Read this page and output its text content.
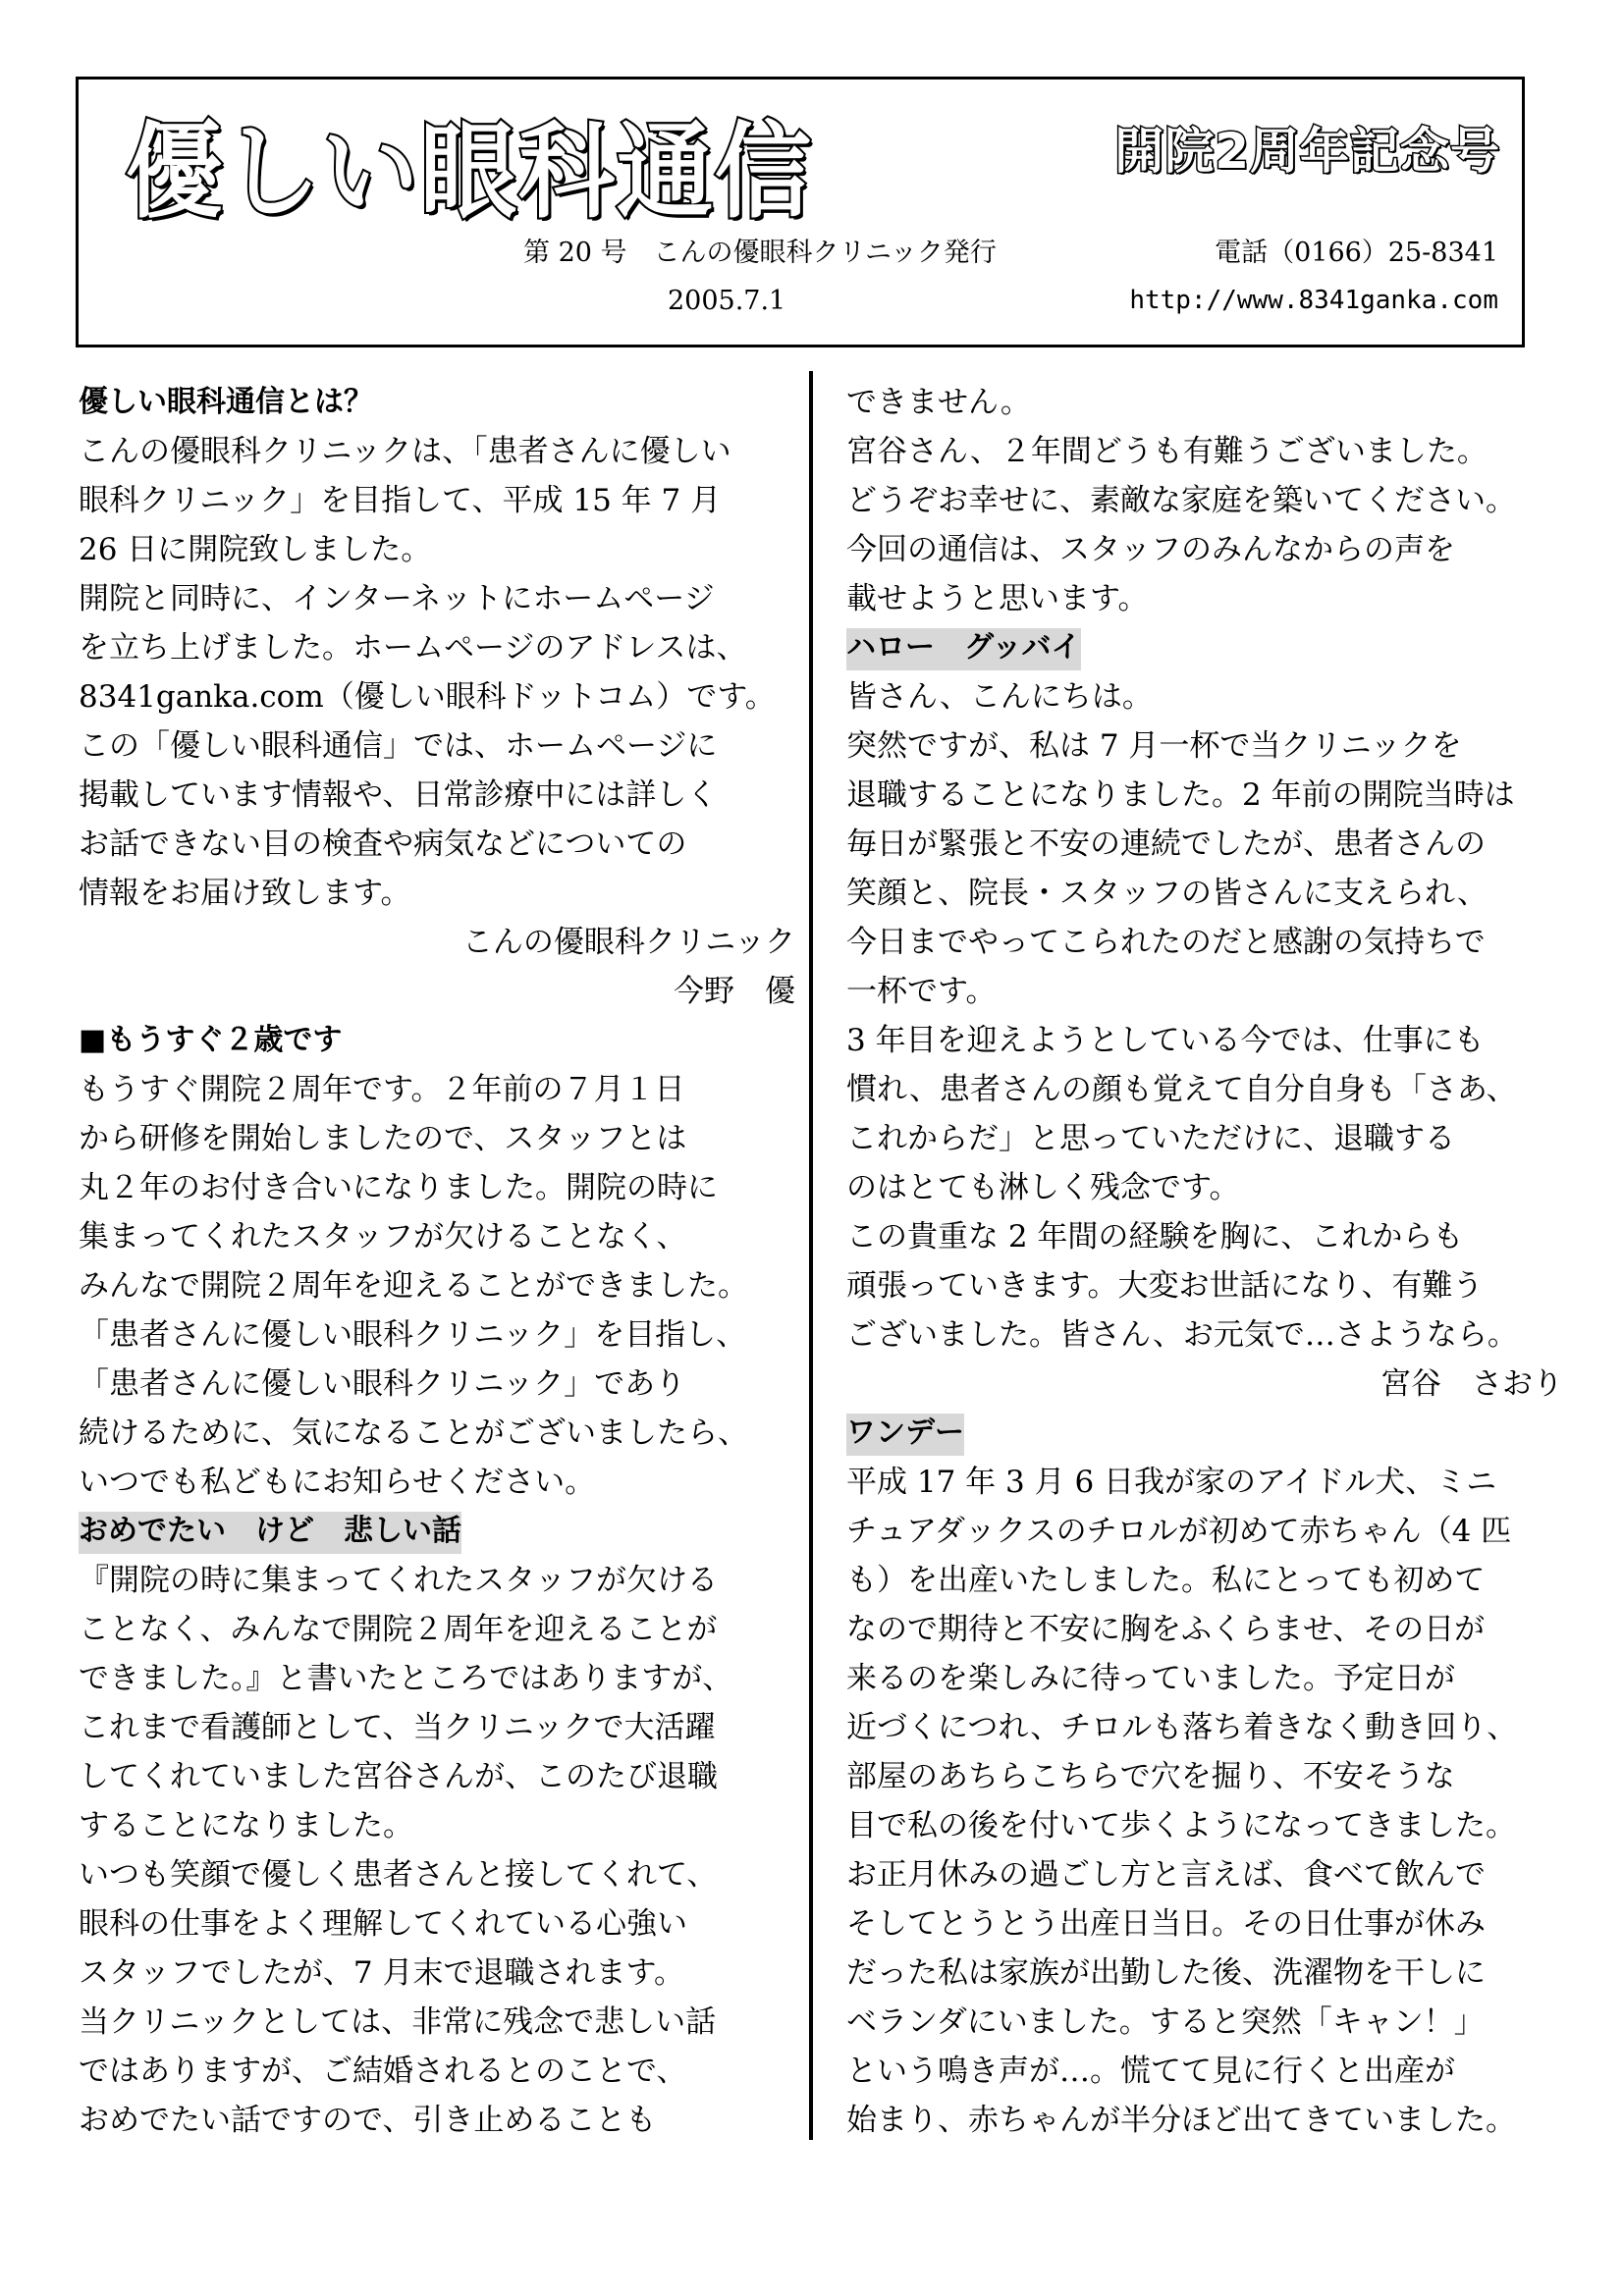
優しい眼科通信	開院2周年記念号
第 20 号　こんの優眼科クリニック発行	電話（0166）25-8341
2005.7.1	http://www.8341ganka.com
優しい眼科通信とは？
こんの優眼科クリニックは、「患者さんに優しい
眼科クリニック」を目指して、平成 15 年 7 月
26 日に開院致しました。
開院と同時に、インターネットにホームページ
を立ち上げました。ホームページのアドレスは、
8341ganka.com（優しい眼科ドットコム）です。
この「優しい眼科通信」では、ホームページに
掲載しています情報や、日常診療中には詳しく
お話できない目の検査や病気などについての
情報をお届け致します。
こんの優眼科クリニック
今野　優
■もうすぐ２歳です
もうすぐ開院２周年です。２年前の７月１日
から研修を開始しましたので、スタッフとは
丸２年のお付き合いになりました。開院の時に
集まってくれたスタッフが欠けることなく、
みんなで開院２周年を迎えることができました。
「患者さんに優しい眼科クリニック」を目指し、
「患者さんに優しい眼科クリニック」であり
続けるために、気になることがございましたら、
いつでも私どもにお知らせください。
おめでたい　けど　悲しい話
『開院の時に集まってくれたスタッフが欠ける
ことなく、みんなで開院２周年を迎えることが
できました。』と書いたところではありますが、
これまで看護師として、当クリニックで大活躍
してくれていました宮谷さんが、このたび退職
することになりました。
いつも笑顔で優しく患者さんと接してくれて、
眼科の仕事をよく理解してくれている心強い
スタッフでしたが、7 月末で退職されます。
当クリニックとしては、非常に残念で悲しい話
ではありますが、ご結婚されるとのことで、
おめでたい話ですので、引き止めることも
できません。
宮谷さん、２年間どうも有難うございました。
どうぞお幸せに、素敵な家庭を築いてください。
今回の通信は、スタッフのみんなからの声を
載せようと思います。
ハロー　グッバイ
皆さん、こんにちは。
突然ですが、私は 7 月一杯で当クリニックを
退職することになりました。2 年前の開院当時は
毎日が緊張と不安の連続でしたが、患者さんの
笑顔と、院長・スタッフの皆さんに支えられ、
今日までやってこられたのだと感謝の気持ちで
一杯です。
3 年目を迎えようとしている今では、仕事にも
慣れ、患者さんの顔も覚えて自分自身も「さあ、
これからだ」と思っていただけに、退職する
のはとても淋しく残念です。
この貴重な 2 年間の経験を胸に、これからも
頑張っていきます。大変お世話になり、有難う
ございました。皆さん、お元気で…さようなら。
宮谷　さおり
ワンデー
平成 17 年 3 月 6 日我が家のアイドル犬、ミニ
チュアダックスのチロルが初めて赤ちゃん（4 匹
も）を出産いたしました。私にとっても初めて
なので期待と不安に胸をふくらませ、その日が
来るのを楽しみに待っていました。予定日が
近づくにつれ、チロルも落ち着きなく動き回り、
部屋のあちらこちらで穴を掘り、不安そうな
目で私の後を付いて歩くようになってきました。
お正月休みの過ごし方と言えば、食べて飲んで
そしてとうとう出産日当日。その日仕事が休み
だった私は家族が出勤した後、洗濯物を干しに
ベランダにいました。すると突然「キャン！」
という鳴き声が…。慌てて見に行くと出産が
始まり、赤ちゃんが半分ほど出てきていました。
